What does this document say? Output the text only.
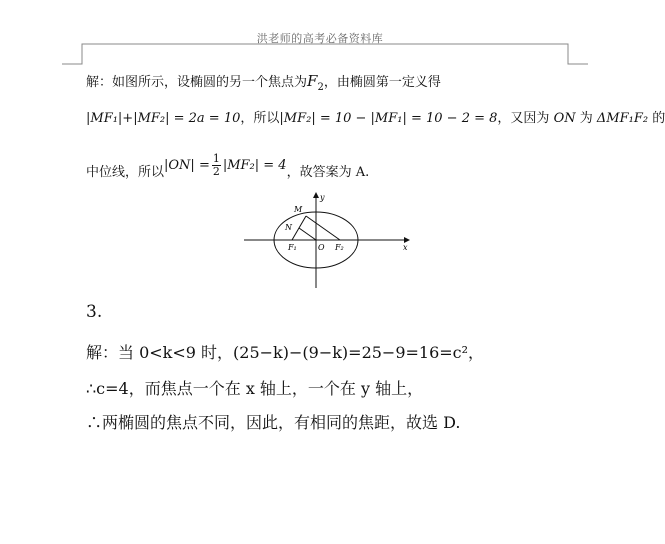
洪老师的高考必备资料库
解：如图所示，设椭圆的另一个焦点为$F_2$，由椭圆第一定义得
|MF₁|+|MF₂| = 2a = 10，所以|MF₂| = 10 − |MF₁| = 10 − 2 = 8，又因为 ON 为 ΔMF₁F₂ 的
中位线，所以$|ON| = \frac{1}{2} |MF_2| = 4$，故答案为 A.
y
x
M
N
F₁	O F₂
3.
解：当 0<k<9 时，(25−k)−(9−k)=25−9=16=c²，
∴c=4，而焦点一个在 x 轴上，一个在 y 轴上，
∴两椭圆的焦点不同，因此，有相同的焦距，故选 D.
